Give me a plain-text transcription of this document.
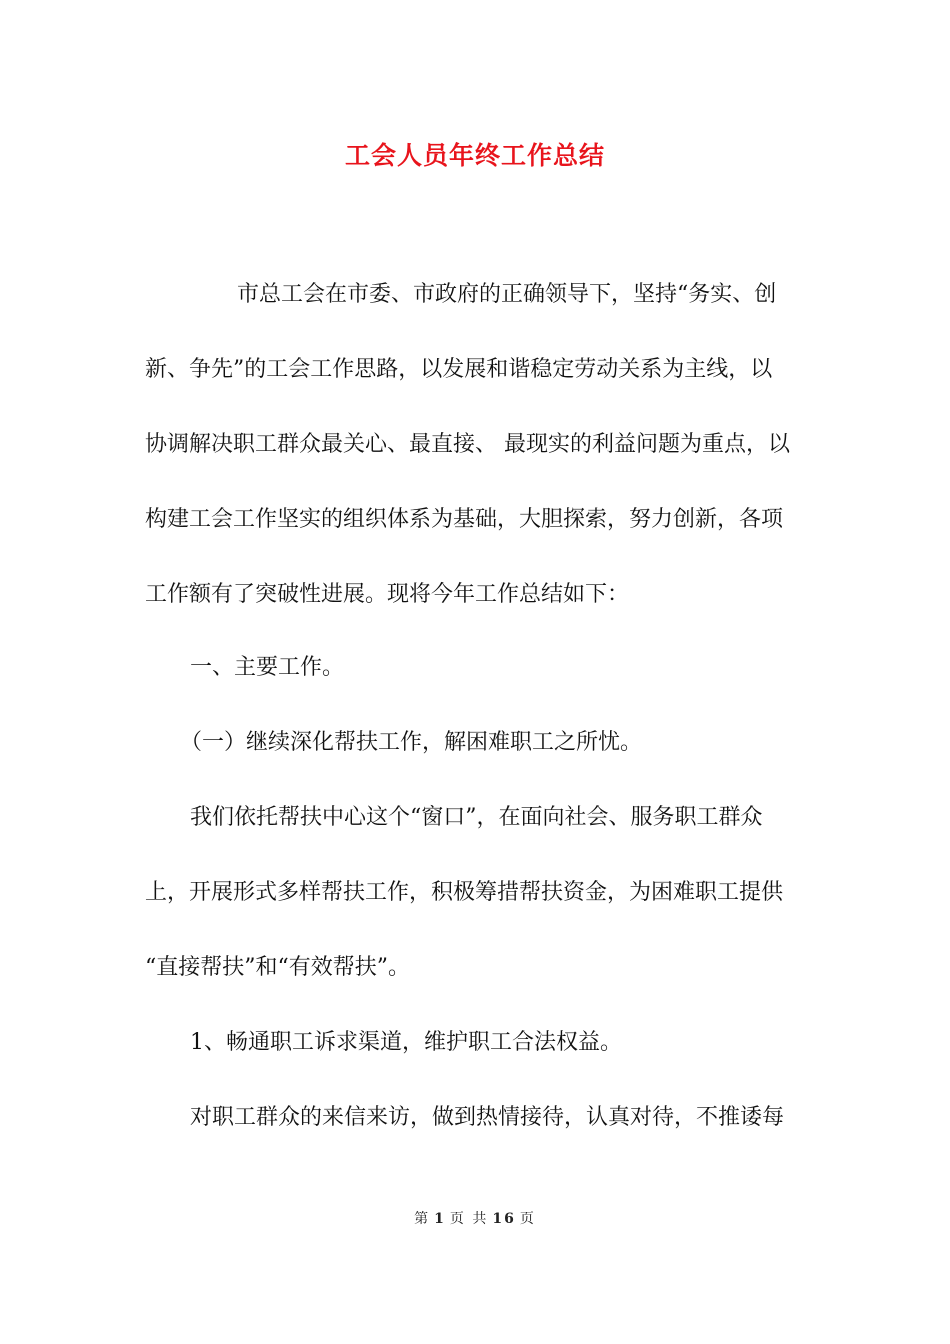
工会人员年终工作总结
市总工会在市委、市政府的正确领导下，坚持“务实、创
新、争先”的工会工作思路，以发展和谐稳定劳动关系为主线，以
协调解决职工群众最关心、最直接、 最现实的利益问题为重点，以
构建工会工作坚实的组织体系为基础，大胆探索，努力创新，各项
工作额有了突破性进展。现将今年工作总结如下：
一、主要工作。
（一）继续深化帮扶工作，解困难职工之所忧。
我们依托帮扶中心这个“窗口”，在面向社会、服务职工群众
上，开展形式多样帮扶工作，积极筹措帮扶资金，为困难职工提供
“直接帮扶”和“有效帮扶”。
1、畅通职工诉求渠道，维护职工合法权益。
对职工群众的来信来访，做到热情接待，认真对待，不推诿每
第 1 页 共 16 页
